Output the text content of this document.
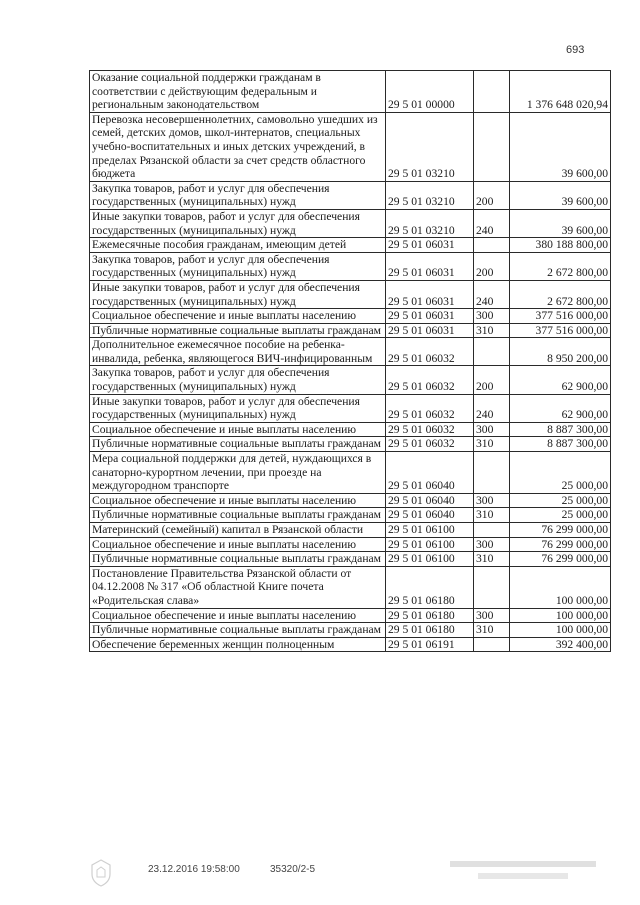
693
Оказание социальной поддержки гражданам в соответствии с действующим федеральным и региональным законодательством	29 5 01 00000		1 376 648 020,94
Перевозка несовершеннолетних, самовольно ушедших из семей, детских домов, школ-интернатов, специальных учебно-воспитательных и иных детских учреждений, в пределах Рязанской области за счет средств областного бюджета	29 5 01 03210		39 600,00
Закупка товаров, работ и услуг для обеспечения государственных (муниципальных) нужд	29 5 01 03210	200	39 600,00
Иные закупки товаров, работ и услуг для обеспечения государственных (муниципальных) нужд	29 5 01 03210	240	39 600,00
Ежемесячные пособия гражданам, имеющим детей	29 5 01 06031		380 188 800,00
Закупка товаров, работ и услуг для обеспечения государственных (муниципальных) нужд	29 5 01 06031	200	2 672 800,00
Иные закупки товаров, работ и услуг для обеспечения государственных (муниципальных) нужд	29 5 01 06031	240	2 672 800,00
Социальное обеспечение и иные выплаты населению	29 5 01 06031	300	377 516 000,00
Публичные нормативные социальные выплаты гражданам	29 5 01 06031	310	377 516 000,00
Дополнительное ежемесячное пособие на ребенка-инвалида, ребенка, являющегося ВИЧ-инфицированным	29 5 01 06032		8 950 200,00
Закупка товаров, работ и услуг для обеспечения государственных (муниципальных) нужд	29 5 01 06032	200	62 900,00
Иные закупки товаров, работ и услуг для обеспечения государственных (муниципальных) нужд	29 5 01 06032	240	62 900,00
Социальное обеспечение и иные выплаты населению	29 5 01 06032	300	8 887 300,00
Публичные нормативные социальные выплаты гражданам	29 5 01 06032	310	8 887 300,00
Мера социальной поддержки для детей, нуждающихся в санаторно-курортном лечении, при проезде на междугородном транспорте	29 5 01 06040		25 000,00
Социальное обеспечение и иные выплаты населению	29 5 01 06040	300	25 000,00
Публичные нормативные социальные выплаты гражданам	29 5 01 06040	310	25 000,00
Материнский (семейный) капитал в Рязанской области	29 5 01 06100		76 299 000,00
Социальное обеспечение и иные выплаты населению	29 5 01 06100	300	76 299 000,00
Публичные нормативные социальные выплаты гражданам	29 5 01 06100	310	76 299 000,00
Постановление Правительства Рязанской области от 04.12.2008 № 317 «Об областной Книге почета «Родительская слава»	29 5 01 06180		100 000,00
Социальное обеспечение и иные выплаты населению	29 5 01 06180	300	100 000,00
Публичные нормативные социальные выплаты гражданам	29 5 01 06180	310	100 000,00
Обеспечение беременных женщин полноценным	29 5 01 06191		392 400,00
23.12.2016 19:58:00	35320/2-5
